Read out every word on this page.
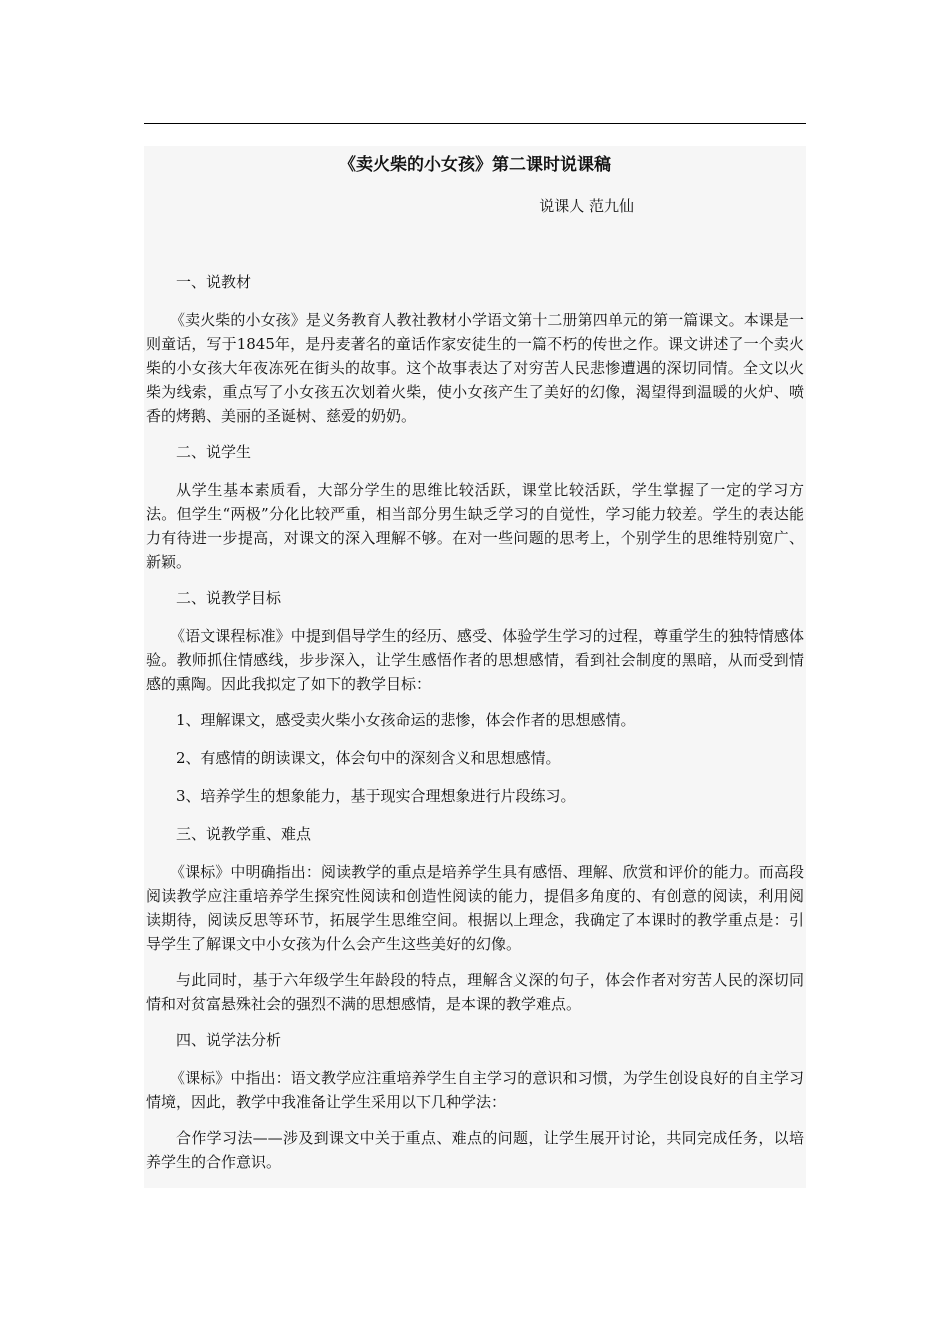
《卖火柴的小女孩》第二课时说课稿
说课人 范九仙

一、说教材

《卖火柴的小女孩》是义务教育人教社教材小学语文第十二册第四单元的第一篇课文。本课是一则童话，写于1845年，是丹麦著名的童话作家安徒生的一篇不朽的传世之作。课文讲述了一个卖火柴的小女孩大年夜冻死在街头的故事。这个故事表达了对穷苦人民悲惨遭遇的深切同情。全文以火柴为线索，重点写了小女孩五次划着火柴，使小女孩产生了美好的幻像，渴望得到温暖的火炉、喷香的烤鹅、美丽的圣诞树、慈爱的奶奶。

二、说学生

从学生基本素质看，大部分学生的思维比较活跃，课堂比较活跃，学生掌握了一定的学习方法。但学生“两极”分化比较严重，相当部分男生缺乏学习的自觉性，学习能力较差。学生的表达能力有待进一步提高，对课文的深入理解不够。在对一些问题的思考上，个别学生的思维特别宽广、新颖。

二、说教学目标

《语文课程标准》中提到倡导学生的经历、感受、体验学生学习的过程，尊重学生的独特情感体验。教师抓住情感线，步步深入，让学生感悟作者的思想感情，看到社会制度的黑暗，从而受到情感的熏陶。因此我拟定了如下的教学目标：

1、理解课文，感受卖火柴小女孩命运的悲惨，体会作者的思想感情。

2、有感情的朗读课文，体会句中的深刻含义和思想感情。

3、培养学生的想象能力，基于现实合理想象进行片段练习。

三、说教学重、难点

《课标》中明确指出：阅读教学的重点是培养学生具有感悟、理解、欣赏和评价的能力。而高段阅读教学应注重培养学生探究性阅读和创造性阅读的能力，提倡多角度的、有创意的阅读，利用阅读期待，阅读反思等环节，拓展学生思维空间。根据以上理念，我确定了本课时的教学重点是：引导学生了解课文中小女孩为什么会产生这些美好的幻像。

与此同时，基于六年级学生年龄段的特点，理解含义深的句子，体会作者对穷苦人民的深切同情和对贫富悬殊社会的强烈不满的思想感情，是本课的教学难点。

四、说学法分析

《课标》中指出：语文教学应注重培养学生自主学习的意识和习惯，为学生创设良好的自主学习情境，因此，教学中我准备让学生采用以下几种学法：

合作学习法——涉及到课文中关于重点、难点的问题，让学生展开讨论，共同完成任务，以培养学生的合作意识。
